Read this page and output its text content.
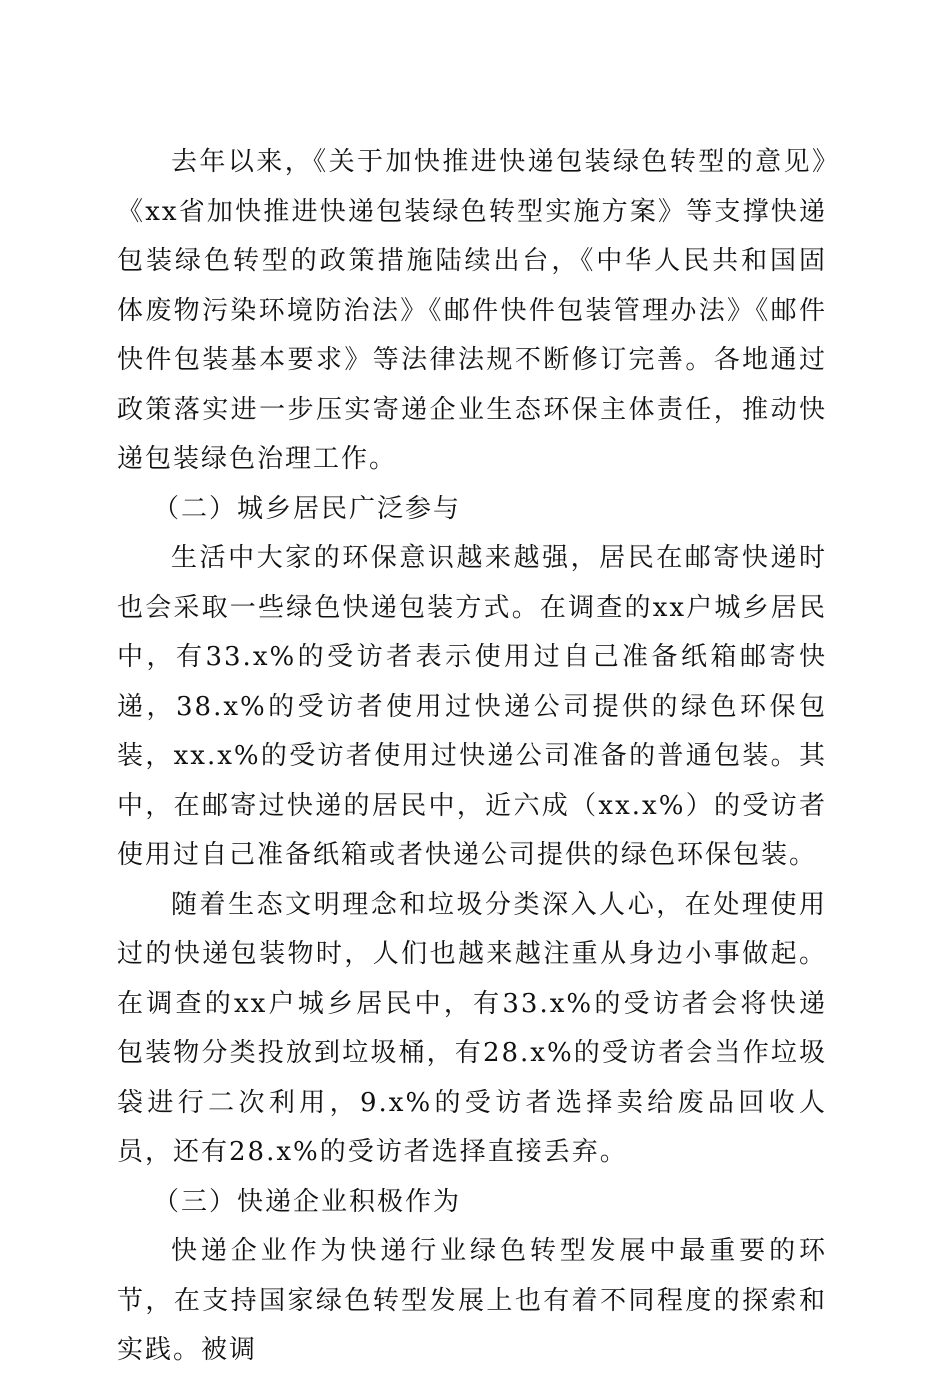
去年以来，《关于加快推进快递包装绿色转型的意见》《xx省加快推进快递包装绿色转型实施方案》等支撑快递包装绿色转型的政策措施陆续出台，《中华人民共和国固体废物污染环境防治法》《邮件快件包装管理办法》《邮件快件包装基本要求》等法律法规不断修订完善。各地通过政策落实进一步压实寄递企业生态环保主体责任，推动快递包装绿色治理工作。

（二）城乡居民广泛参与

生活中大家的环保意识越来越强，居民在邮寄快递时也会采取一些绿色快递包装方式。在调查的xx户城乡居民中，有33.x%的受访者表示使用过自己准备纸箱邮寄快递，38.x%的受访者使用过快递公司提供的绿色环保包装，xx.x%的受访者使用过快递公司准备的普通包装。其中，在邮寄过快递的居民中，近六成（xx.x%）的受访者使用过自己准备纸箱或者快递公司提供的绿色环保包装。

随着生态文明理念和垃圾分类深入人心，在处理使用过的快递包装物时，人们也越来越注重从身边小事做起。在调查的xx户城乡居民中，有33.x%的受访者会将快递包装物分类投放到垃圾桶，有28.x%的受访者会当作垃圾袋进行二次利用，9.x%的受访者选择卖给废品回收人员，还有28.x%的受访者选择直接丢弃。

（三）快递企业积极作为

快递企业作为快递行业绿色转型发展中最重要的环节，在支持国家绿色转型发展上也有着不同程度的探索和实践。被调
